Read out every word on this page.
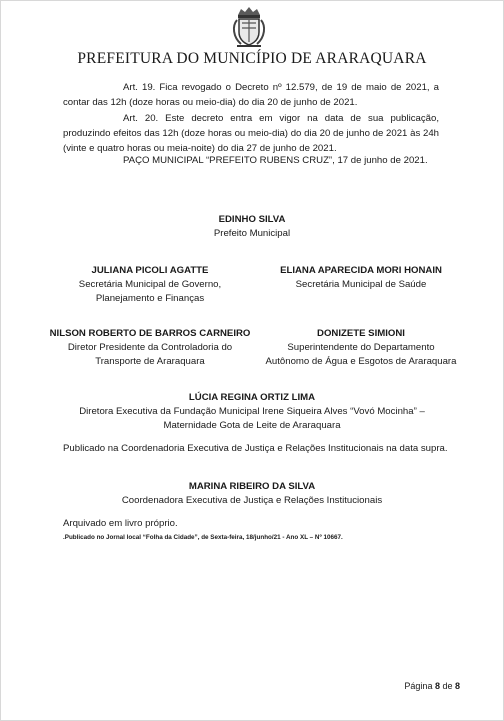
PREFEITURA DO MUNICÍPIO DE ARARAQUARA
Art. 19. Fica revogado o Decreto nº 12.579, de 19 de maio de 2021, a contar das 12h (doze horas ou meio-dia) do dia 20 de junho de 2021.
Art. 20. Este decreto entra em vigor na data de sua publicação, produzindo efeitos das 12h (doze horas ou meio-dia) do dia 20 de junho de 2021 às 24h (vinte e quatro horas ou meia-noite) do dia 27 de junho de 2021.
PAÇO MUNICIPAL “PREFEITO RUBENS CRUZ”, 17 de junho de 2021.
EDINHO SILVA
Prefeito Municipal
JULIANA PICOLI AGATTE
Secretária Municipal de Governo,
Planejamento e Finanças
ELIANA APARECIDA MORI HONAIN
Secretária Municipal de Saúde
NILSON ROBERTO DE BARROS CARNEIRO
Diretor Presidente da Controladoria do
Transporte de Araraquara
DONIZETE SIMIONI
Superintendente do Departamento
Autônomo de Água e Esgotos de Araraquara
LÚCIA REGINA ORTIZ LIMA
Diretora Executiva da Fundação Municipal Irene Siqueira Alves “Vovó Mocinha” –
Maternidade Gota de Leite de Araraquara
Publicado na Coordenadoria Executiva de Justiça e Relações Institucionais na data supra.
MARINA RIBEIRO DA SILVA
Coordenadora Executiva de Justiça e Relações Institucionais
Arquivado em livro próprio.
.Publicado no Jornal local “Folha da Cidade”, de Sexta-feira, 18/junho/21 - Ano XL – Nº 10667.
Página 8 de 8
